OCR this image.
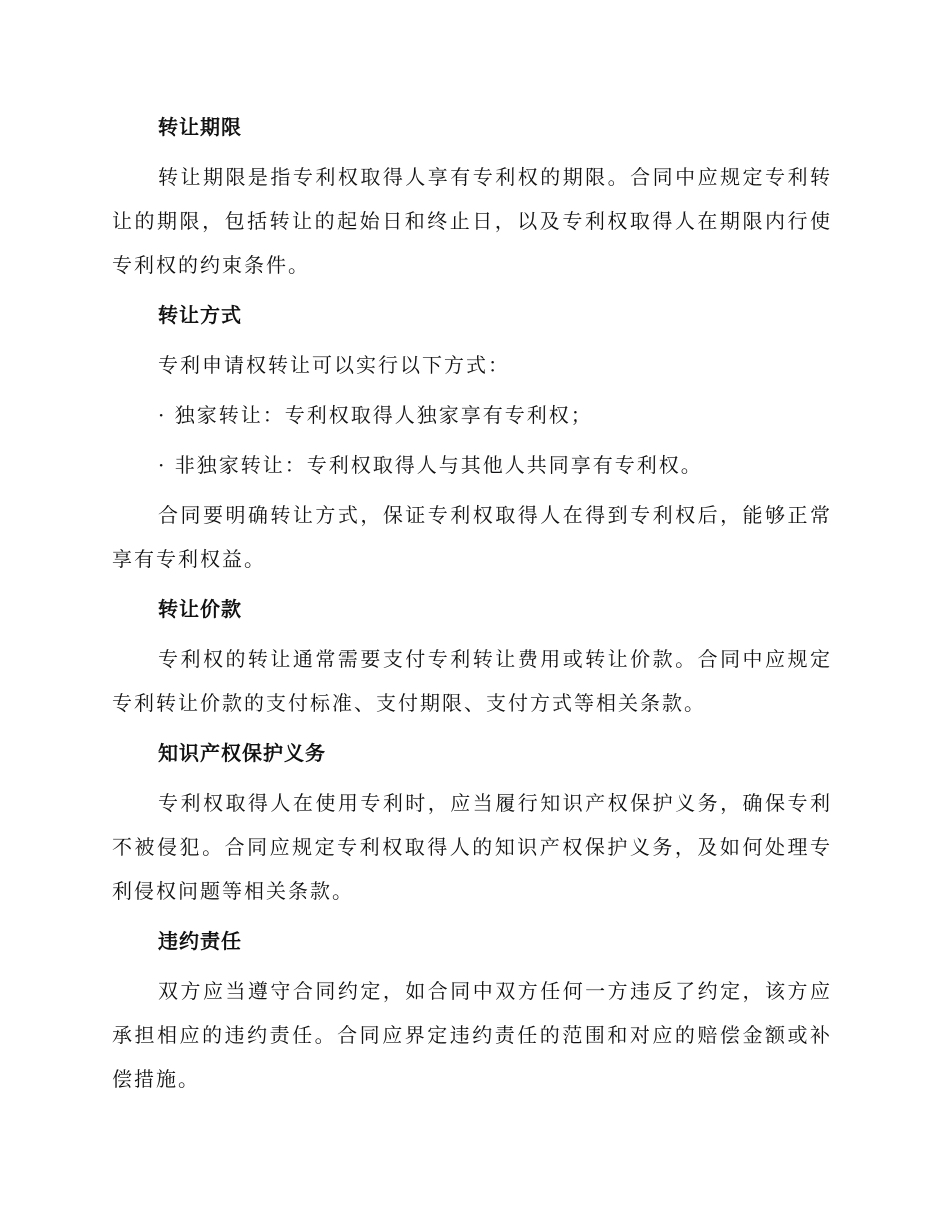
转让期限

转让期限是指专利权取得人享有专利权的期限。合同中应规定专利转让的期限，包括转让的起始日和终止日，以及专利权取得人在期限内行使专利权的约束条件。

转让方式

专利申请权转让可以实行以下方式：

· 独家转让：专利权取得人独家享有专利权；

· 非独家转让：专利权取得人与其他人共同享有专利权。

合同要明确转让方式，保证专利权取得人在得到专利权后，能够正常享有专利权益。

转让价款

专利权的转让通常需要支付专利转让费用或转让价款。合同中应规定专利转让价款的支付标准、支付期限、支付方式等相关条款。

知识产权保护义务

专利权取得人在使用专利时，应当履行知识产权保护义务，确保专利不被侵犯。合同应规定专利权取得人的知识产权保护义务，及如何处理专利侵权问题等相关条款。

违约责任

双方应当遵守合同约定，如合同中双方任何一方违反了约定，该方应承担相应的违约责任。合同应界定违约责任的范围和对应的赔偿金额或补偿措施。
